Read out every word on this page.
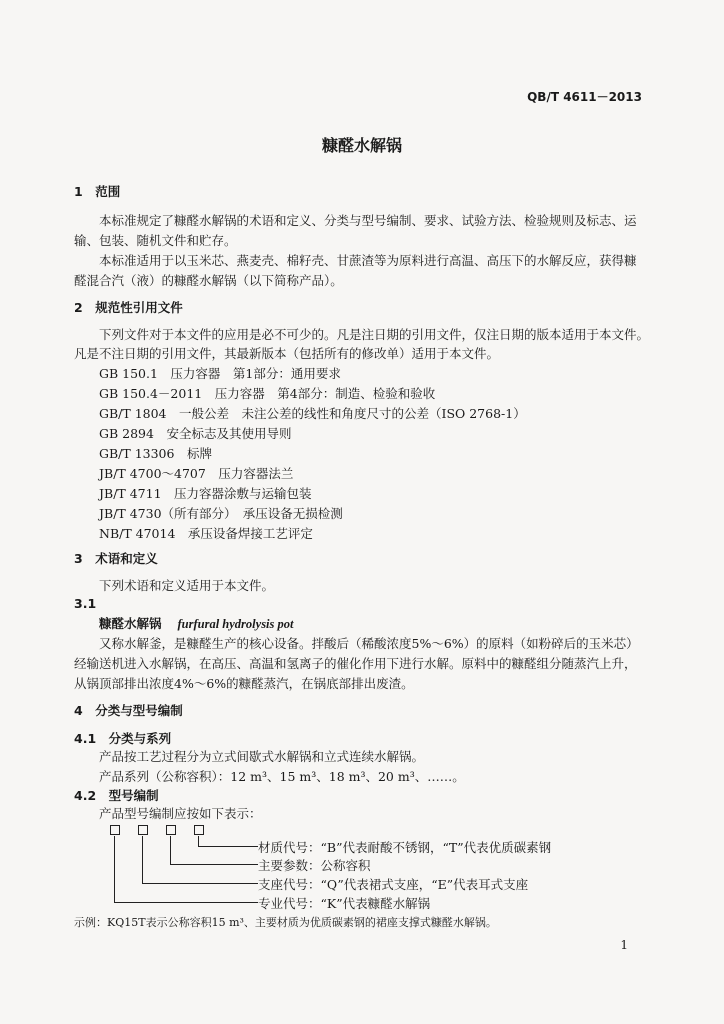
QB/T 4611－2013
糠醛水解锅
1　范围
本标准规定了糠醛水解锅的术语和定义、分类与型号编制、要求、试验方法、检验规则及标志、运
输、包装、随机文件和贮存。
本标准适用于以玉米芯、燕麦壳、棉籽壳、甘蔗渣等为原料进行高温、高压下的水解反应，获得糠
醛混合汽（液）的糠醛水解锅（以下简称产品）。
2　规范性引用文件
下列文件对于本文件的应用是必不可少的。凡是注日期的引用文件，仅注日期的版本适用于本文件。
凡是不注日期的引用文件，其最新版本（包括所有的修改单）适用于本文件。
GB 150.1　压力容器　第1部分：通用要求
GB 150.4－2011　压力容器　第4部分：制造、检验和验收
GB/T 1804　一般公差　未注公差的线性和角度尺寸的公差（ISO 2768-1）
GB 2894　安全标志及其使用导则
GB/T 13306　标牌
JB/T 4700～4707　压力容器法兰
JB/T 4711　压力容器涂敷与运输包装
JB/T 4730（所有部分）　承压设备无损检测
NB/T 47014　承压设备焊接工艺评定
3　术语和定义
下列术语和定义适用于本文件。
3.1
糠醛水解锅 furfural hydrolysis pot
又称水解釜，是糠醛生产的核心设备。拌酸后（稀酸浓度5%～6%）的原料（如粉碎后的玉米芯）
经输送机进入水解锅，在高压、高温和氢离子的催化作用下进行水解。原料中的糠醛组分随蒸汽上升，
从锅顶部排出浓度4%～6%的糠醛蒸汽，在锅底部排出废渣。
4　分类与型号编制
4.1　分类与系列
产品按工艺过程分为立式间歇式水解锅和立式连续水解锅。
产品系列（公称容积）：12 m³、15 m³、18 m³、20 m³、……。
4.2　型号编制
产品型号编制应按如下表示：
材质代号：“B”代表耐酸不锈钢，“T”代表优质碳素钢
主要参数：公称容积
支座代号：“Q”代表裙式支座，“E”代表耳式支座
专业代号：“K”代表糠醛水解锅
示例：KQ15T表示公称容积15 m³、主要材质为优质碳素钢的裙座支撑式糠醛水解锅。
1
